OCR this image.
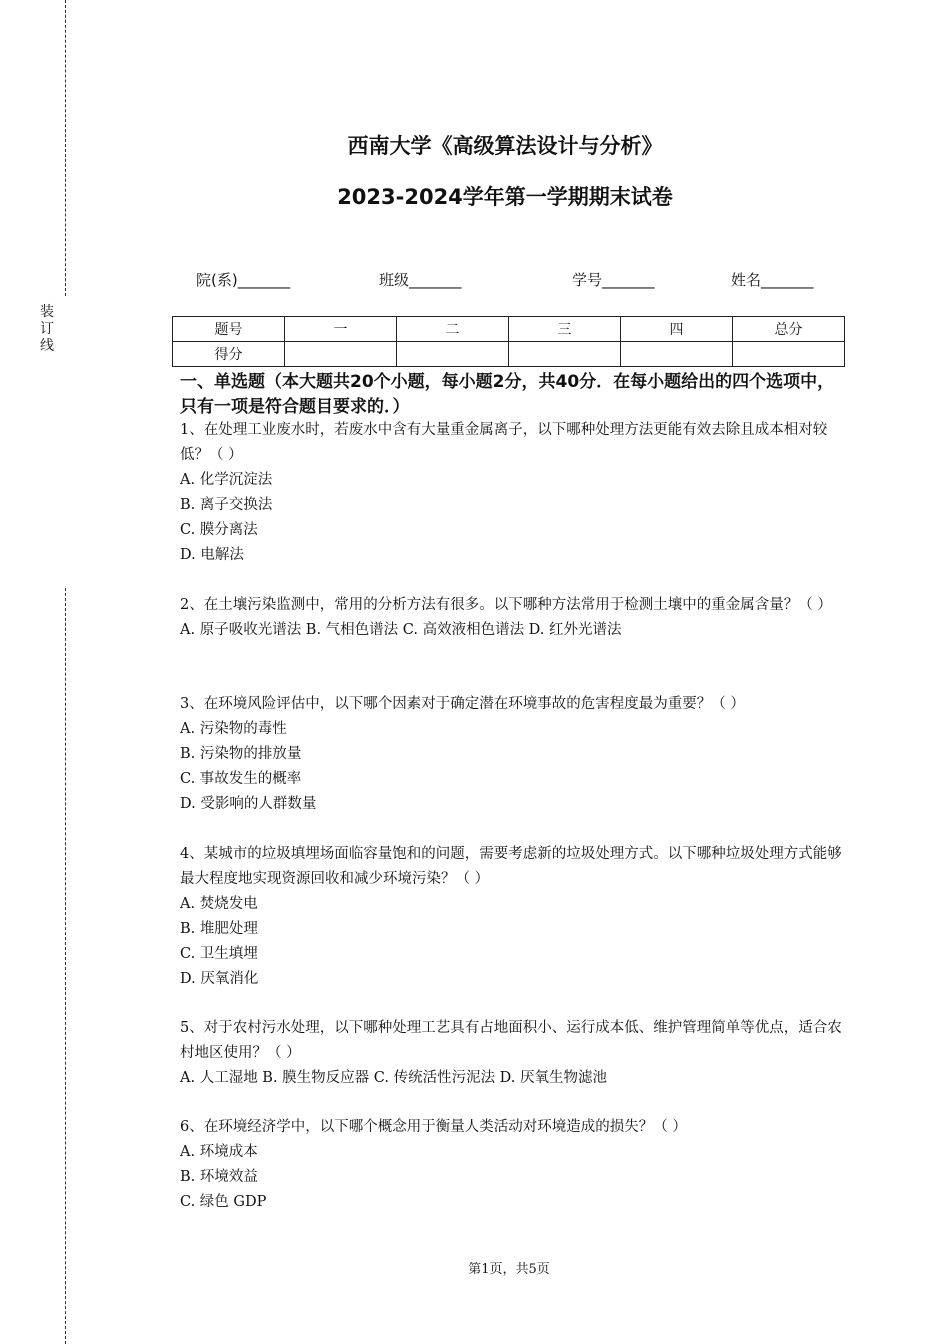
装订线
西南大学《高级算法设计与分析》
2023-2024学年第一学期期末试卷
院(系)_______	班级_______	学号_______	姓名_______
题号	一	二	三	四	总分
得分					
一、单选题（本大题共20个小题，每小题2分，共40分．在每小题给出的四个选项中，只有一项是符合题目要求的．）

1、在处理工业废水时，若废水中含有大量重金属离子，以下哪种处理方法更能有效去除且成本相对较低？（ ）

A. 化学沉淀法

B. 离子交换法

C. 膜分离法

D. 电解法

2、在土壤污染监测中，常用的分析方法有很多。以下哪种方法常用于检测土壤中的重金属含量？（ ）

A. 原子吸收光谱法 B. 气相色谱法 C. 高效液相色谱法 D. 红外光谱法

3、在环境风险评估中，以下哪个因素对于确定潜在环境事故的危害程度最为重要？（ ）

A. 污染物的毒性

B. 污染物的排放量

C. 事故发生的概率

D. 受影响的人群数量

4、某城市的垃圾填埋场面临容量饱和的问题，需要考虑新的垃圾处理方式。以下哪种垃圾处理方式能够最大程度地实现资源回收和减少环境污染？（ ）

A. 焚烧发电

B. 堆肥处理

C. 卫生填埋

D. 厌氧消化

5、对于农村污水处理，以下哪种处理工艺具有占地面积小、运行成本低、维护管理简单等优点，适合农村地区使用？（ ）

A. 人工湿地 B. 膜生物反应器 C. 传统活性污泥法 D. 厌氧生物滤池

6、在环境经济学中，以下哪个概念用于衡量人类活动对环境造成的损失？（ ）

A. 环境成本

B. 环境效益

C. 绿色 GDP

第1页，共5页
